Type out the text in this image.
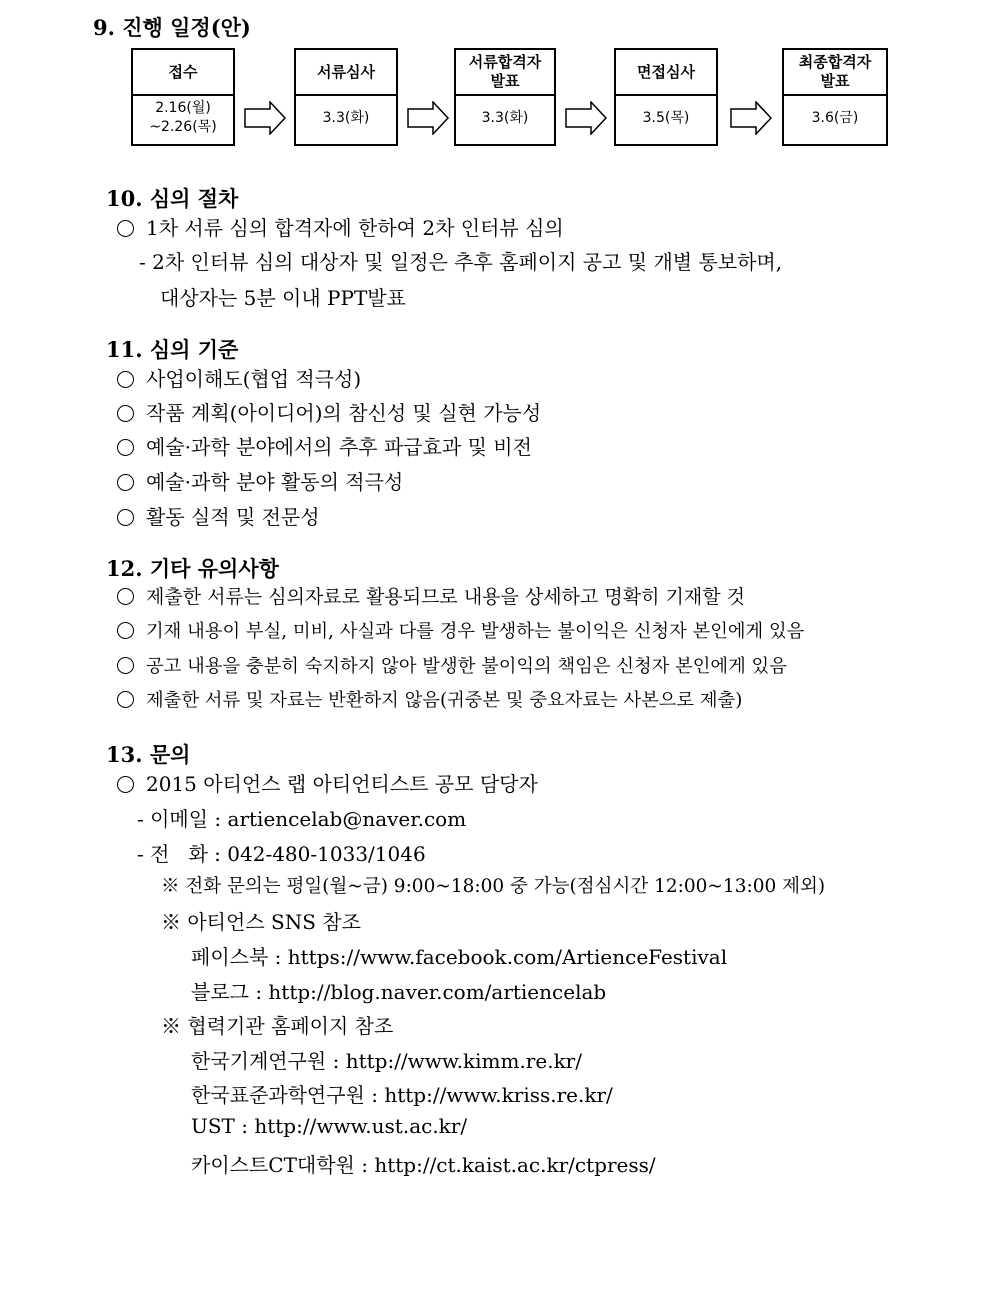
9. 진행 일정(안)
접수
2.16(월)
~2.26(목)
서류심사
3.3(화)
서류합격자
발표
3.3(화)
면접심사
3.5(목)
최종합격자
발표
3.6(금)
10. 심의 절차
1차 서류 심의 합격자에 한하여 2차 인터뷰 심의
- 2차 인터뷰 심의 대상자 및 일정은 추후 홈페이지 공고 및 개별 통보하며,
대상자는 5분 이내 PPT발표
11. 심의 기준
사업이해도(협업 적극성)
작품 계획(아이디어)의 참신성 및 실현 가능성
예술·과학 분야에서의 추후 파급효과 및 비전
예술·과학 분야 활동의 적극성
활동 실적 및 전문성
12. 기타 유의사항
제출한 서류는 심의자료로 활용되므로 내용을 상세하고 명확히 기재할 것
기재 내용이 부실, 미비, 사실과 다를 경우 발생하는 불이익은 신청자 본인에게 있음
공고 내용을 충분히 숙지하지 않아 발생한 불이익의 책임은 신청자 본인에게 있음
제출한 서류 및 자료는 반환하지 않음(귀중본 및 중요자료는 사본으로 제출)
13. 문의
2015 아티언스 랩 아티언티스트 공모 담당자
- 이메일 : artiencelab@naver.com
- 전   화 : 042-480-1033/1046
※ 전화 문의는 평일(월~금) 9:00~18:00 중 가능(점심시간 12:00~13:00 제외)
※ 아티언스 SNS 참조
페이스북 : https://www.facebook.com/ArtienceFestival
블로그 : http://blog.naver.com/artiencelab
※ 협력기관 홈페이지 참조
한국기계연구원 : http://www.kimm.re.kr/
한국표준과학연구원 : http://www.kriss.re.kr/
UST : http://www.ust.ac.kr/
카이스트CT대학원 : http://ct.kaist.ac.kr/ctpress/
